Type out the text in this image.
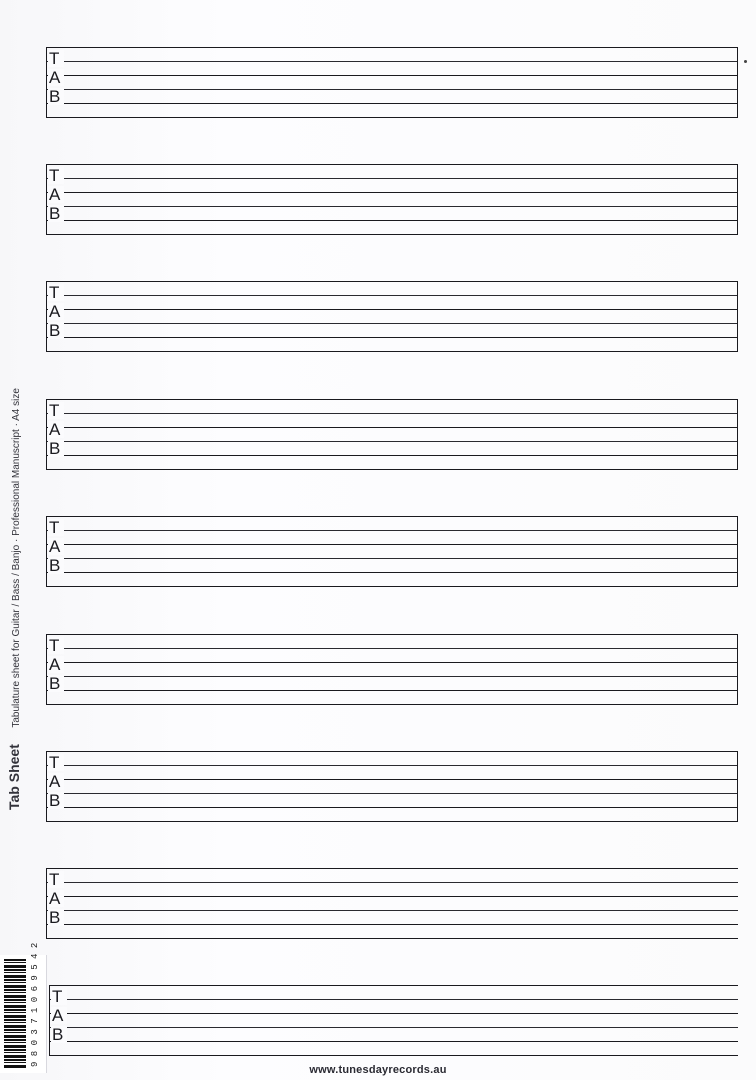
T
A
B
T
A
B
T
A
B
T
A
B
T
A
B
T
A
B
T
A
B
T
A
B
T
A
B
Tab Sheet Tabulature sheet for Guitar / Bass / Banjo · Professional Manuscript · A4 size
9 8 0 3 7 1 0 6 9 5 4 2
www.tunesdayrecords.au
